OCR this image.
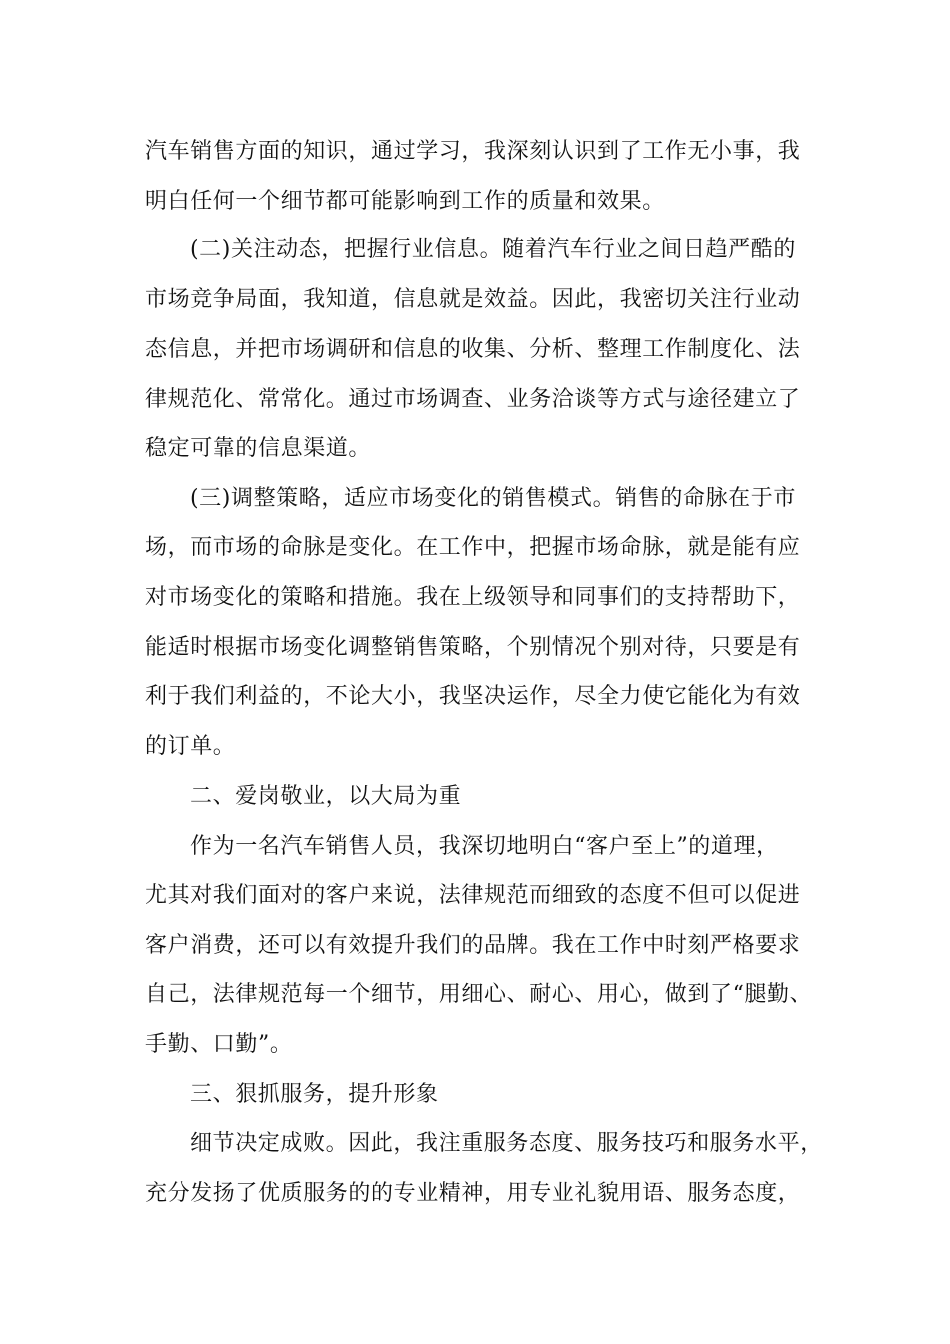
汽车销售方面的知识，通过学习，我深刻认识到了工作无小事，我
明白任何一个细节都可能影响到工作的质量和效果。
(二)关注动态，把握行业信息。随着汽车行业之间日趋严酷的
市场竞争局面，我知道，信息就是效益。因此，我密切关注行业动
态信息，并把市场调研和信息的收集、分析、整理工作制度化、法
律规范化、常常化。通过市场调查、业务洽谈等方式与途径建立了
稳定可靠的信息渠道。
(三)调整策略，适应市场变化的销售模式。销售的命脉在于市
场，而市场的命脉是变化。在工作中，把握市场命脉，就是能有应
对市场变化的策略和措施。我在上级领导和同事们的支持帮助下，
能适时根据市场变化调整销售策略，个别情况个别对待，只要是有
利于我们利益的，不论大小，我坚决运作，尽全力使它能化为有效
的订单。
二、爱岗敬业，以大局为重
作为一名汽车销售人员，我深切地明白“客户至上”的道理，
尤其对我们面对的客户来说，法律规范而细致的态度不但可以促进
客户消费，还可以有效提升我们的品牌。我在工作中时刻严格要求
自己，法律规范每一个细节，用细心、耐心、用心，做到了“腿勤、
手勤、口勤”。
三、狠抓服务，提升形象
细节决定成败。因此，我注重服务态度、服务技巧和服务水平，
充分发扬了优质服务的的专业精神，用专业礼貌用语、服务态度，
